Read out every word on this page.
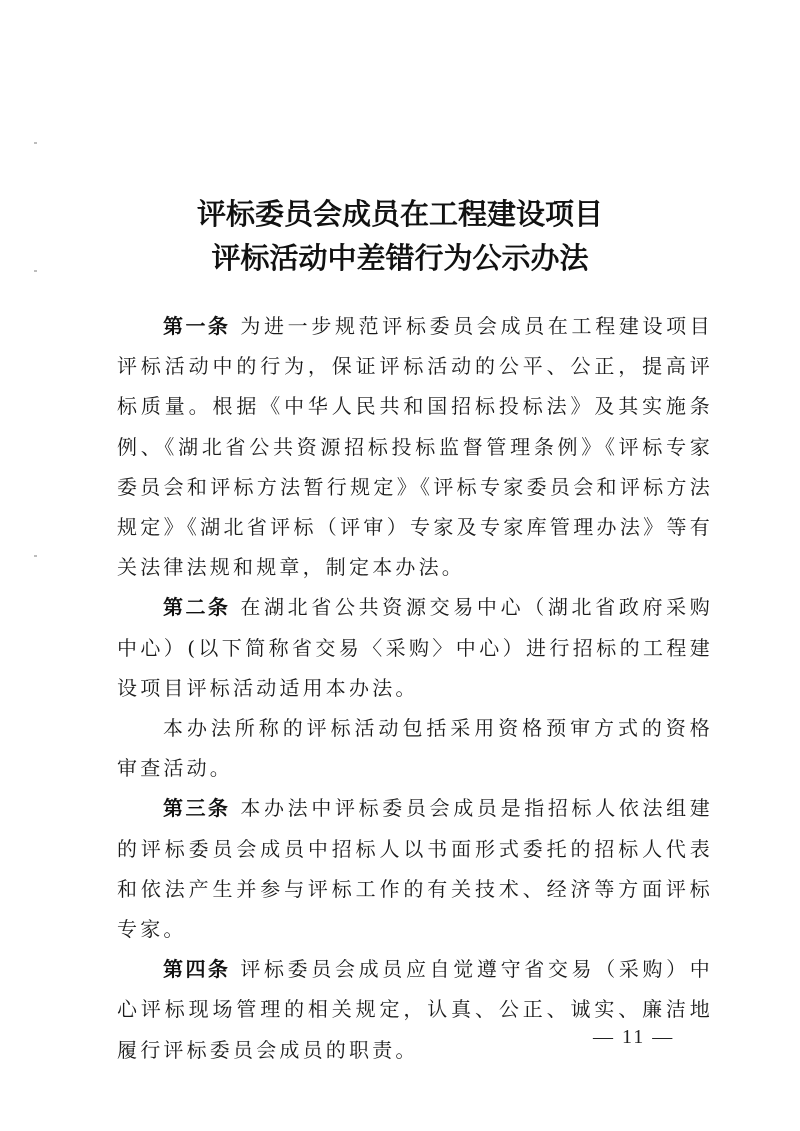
评标委员会成员在工程建设项目
评标活动中差错行为公示办法

第一条 为进一步规范评标委员会成员在工程建设项目评标活动中的行为，保证评标活动的公平、公正，提高评标质量。根据《中华人民共和国招标投标法》及其实施条例、《湖北省公共资源招标投标监督管理条例》《评标专家委员会和评标方法暂行规定》《评标专家委员会和评标方法规定》《湖北省评标（评审）专家及专家库管理办法》等有关法律法规和规章，制定本办法。

第二条 在湖北省公共资源交易中心（湖北省政府采购中心）(以下简称省交易〈采购〉中心）进行招标的工程建设项目评标活动适用本办法。

本办法所称的评标活动包括采用资格预审方式的资格审查活动。

第三条 本办法中评标委员会成员是指招标人依法组建的评标委员会成员中招标人以书面形式委托的招标人代表和依法产生并参与评标工作的有关技术、经济等方面评标专家。

第四条 评标委员会成员应自觉遵守省交易（采购）中心评标现场管理的相关规定，认真、公正、诚实、廉洁地履行评标委员会成员的职责。

— 11 —
